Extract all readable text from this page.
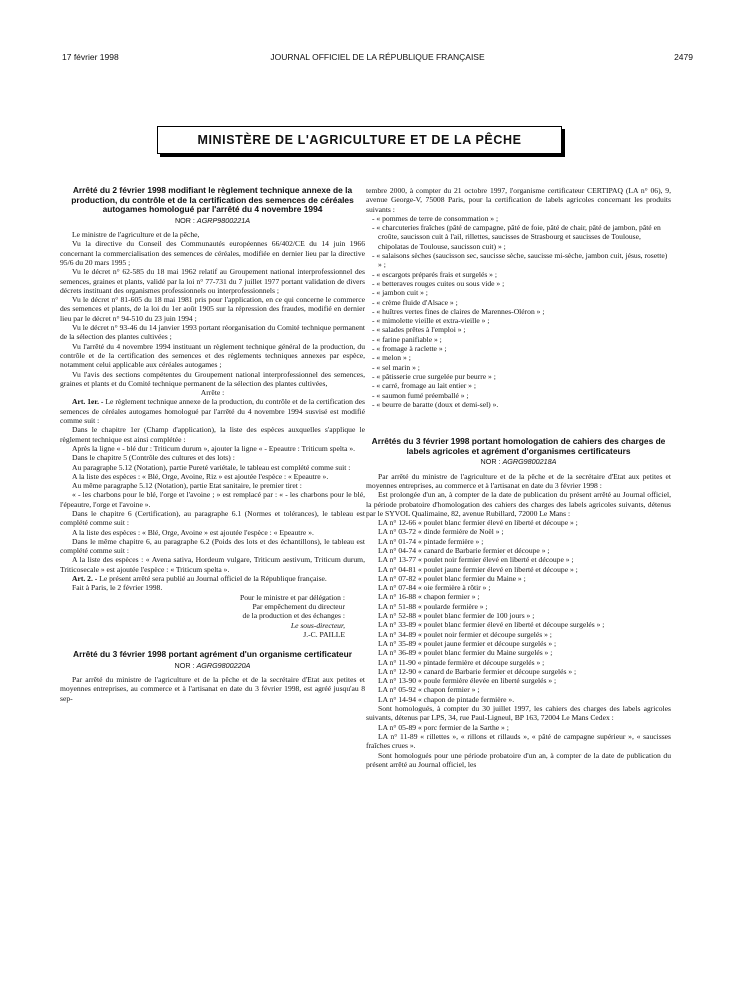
17 février 1998	JOURNAL OFFICIEL DE LA RÉPUBLIQUE FRANÇAISE	2479
MINISTÈRE DE L'AGRICULTURE ET DE LA PÊCHE

Arrêté du 2 février 1998 modifiant le règlement technique annexe de la production, du contrôle et de la certification des semences de céréales autogames homologué par l'arrêté du 4 novembre 1994

NOR : AGRP9800221A

Le ministre de l'agriculture et de la pêche,

Vu la directive du Conseil des Communautés européennes 66/402/CE du 14 juin 1966 concernant la commercialisation des semences de céréales, modifiée en dernier lieu par la directive 95/6 du 20 mars 1995 ;

Vu le décret n° 62-585 du 18 mai 1962 relatif au Groupement national interprofessionnel des semences, graines et plants, validé par la loi n° 77-731 du 7 juillet 1977 portant validation de divers décrets instituant des organismes professionnels ou interprofessionnels ;

Vu le décret n° 81-605 du 18 mai 1981 pris pour l'application, en ce qui concerne le commerce des semences et plants, de la loi du 1er août 1905 sur la répression des fraudes, modifié en dernier lieu par le décret n° 94-510 du 23 juin 1994 ;

Vu le décret n° 93-46 du 14 janvier 1993 portant réorganisation du Comité technique permanent de la sélection des plantes cultivées ;

Vu l'arrêté du 4 novembre 1994 instituant un règlement technique général de la production, du contrôle et de la certification des semences et des règlements techniques annexes par espèce, notamment celui applicable aux céréales autogames ;

Vu l'avis des sections compétentes du Groupement national interprofessionnel des semences, graines et plants et du Comité technique permanent de la sélection des plantes cultivées,

Arrête :

Art. 1er. - Le règlement technique annexe de la production, du contrôle et de la certification des semences de céréales autogames homologué par l'arrêté du 4 novembre 1994 susvisé est modifié comme suit :

Dans le chapitre 1er (Champ d'application), la liste des espèces auxquelles s'applique le règlement technique est ainsi complétée :

Après la ligne « - blé dur : Triticum durum », ajouter la ligne « - Epeautre : Triticum spelta ».

Dans le chapitre 5 (Contrôle des cultures et des lots) :

Au paragraphe 5.12 (Notation), partie Pureté variétale, le tableau est complété comme suit :

A la liste des espèces : « Blé, Orge, Avoine, Riz » est ajoutée l'espèce : « Epeautre ».

Au même paragraphe 5.12 (Notation), partie Etat sanitaire, le premier tiret :

« - les charbons pour le blé, l'orge et l'avoine ; » est remplacé par : « - les charbons pour le blé, l'épeautre, l'orge et l'avoine ».

Dans le chapitre 6 (Certification), au paragraphe 6.1 (Normes et tolérances), le tableau est complété comme suit :

A la liste des espèces : « Blé, Orge, Avoine » est ajoutée l'espèce : « Epeautre ».

Dans le même chapitre 6, au paragraphe 6.2 (Poids des lots et des échantillons), le tableau est complété comme suit :

A la liste des espèces : « Avena sativa, Hordeum vulgare, Triticum aestivum, Triticum durum, Triticosecale » est ajoutée l'espèce : « Triticum spelta ».

Art. 2. - Le présent arrêté sera publié au Journal officiel de la République française.

Fait à Paris, le 2 février 1998.

Pour le ministre et par délégation :

Par empêchement du directeur

de la production et des échanges :

Le sous-directeur,

J.-C. PAILLE

Arrêté du 3 février 1998 portant agrément d'un organisme certificateur

NOR : AGRG9800220A

Par arrêté du ministre de l'agriculture et de la pêche et de la secrétaire d'Etat aux petites et moyennes entreprises, au commerce et à l'artisanat en date du 3 février 1998, est agréé jusqu'au 8 sep-

tembre 2000, à compter du 21 octobre 1997, l'organisme certificateur CERTIPAQ (LA n° 06), 9, avenue George-V, 75008 Paris, pour la certification de labels agricoles concernant les produits suivants :

- « pommes de terre de consommation » ;
- « charcuteries fraîches (pâté de campagne, pâté de foie, pâté de chair, pâté de jambon, pâté en croûte, saucisson cuit à l'ail, rillettes, saucisses de Strasbourg et saucisses de Toulouse, chipolatas de Toulouse, saucisson cuit) » ;
- « salaisons sèches (saucisson sec, saucisse sèche, saucisse mi-sèche, jambon cuit, jésus, rosette) » ;
- « escargots préparés frais et surgelés » ;
- « betteraves rouges cuites ou sous vide » ;
- « jambon cuit » ;
- « crème fluide d'Alsace » ;
- « huîtres vertes fines de claires de Marennes-Oléron » ;
- « mimolette vieille et extra-vieille » ;
- « salades prêtes à l'emploi » ;
- « farine panifiable » ;
- « fromage à raclette » ;
- « melon » ;
- « sel marin » ;
- « pâtisserie crue surgelée pur beurre » ;
- « carré, fromage au lait entier » ;
- « saumon fumé préemballé » ;
- « beurre de baratte (doux et demi-sel) ».

Arrêtés du 3 février 1998 portant homologation de cahiers des charges de labels agricoles et agrément d'organismes certificateurs

NOR : AGRG9800218A

Par arrêté du ministre de l'agriculture et de la pêche et de la secrétaire d'Etat aux petites et moyennes entreprises, au commerce et à l'artisanat en date du 3 février 1998 :

Est prolongée d'un an, à compter de la date de publication du présent arrêté au Journal officiel, la période probatoire d'homologation des cahiers des charges des labels agricoles suivants, détenus par le SYVOL Qualimaine, 82, avenue Rubillard, 72000 Le Mans :

LA n° 12-66 « poulet blanc fermier élevé en liberté et découpe » ;

LA n° 03-72 « dinde fermière de Noël » ;

LA n° 01-74 « pintade fermière » ;

LA n° 04-74 « canard de Barbarie fermier et découpe » ;

LA n° 13-77 « poulet noir fermier élevé en liberté et découpe » ;

LA n° 04-81 « poulet jaune fermier élevé en liberté et découpe » ;

LA n° 07-82 « poulet blanc fermier du Maine » ;

LA n° 07-84 « oie fermière à rôtir » ;

LA n° 16-88 « chapon fermier » ;

LA n° 51-88 « poularde fermière » ;

LA n° 52-88 « poulet blanc fermier de 100 jours » ;

LA n° 33-89 « poulet blanc fermier élevé en liberté et découpe surgelés » ;

LA n° 34-89 « poulet noir fermier et découpe surgelés » ;

LA n° 35-89 « poulet jaune fermier et découpe surgelés » ;

LA n° 36-89 « poulet blanc fermier du Maine surgelés » ;

LA n° 11-90 « pintade fermière et découpe surgelés » ;

LA n° 12-90 « canard de Barbarie fermier et découpe surgelés » ;

LA n° 13-90 « poule fermière élevée en liberté surgelés » ;

LA n° 05-92 « chapon fermier » ;

LA n° 14-94 « chapon de pintade fermière ».

Sont homologués, à compter du 30 juillet 1997, les cahiers des charges des labels agricoles suivants, détenus par LPS, 34, rue Paul-Ligneul, BP 163, 72004 Le Mans Cedex :

LA n° 05-89 « porc fermier de la Sarthe » ;

LA n° 11-89 « rillettes », « rillons et rillauds », « pâté de campagne supérieur », « saucisses fraîches crues ».

Sont homologués pour une période probatoire d'un an, à compter de la date de publication du présent arrêté au Journal officiel, les
